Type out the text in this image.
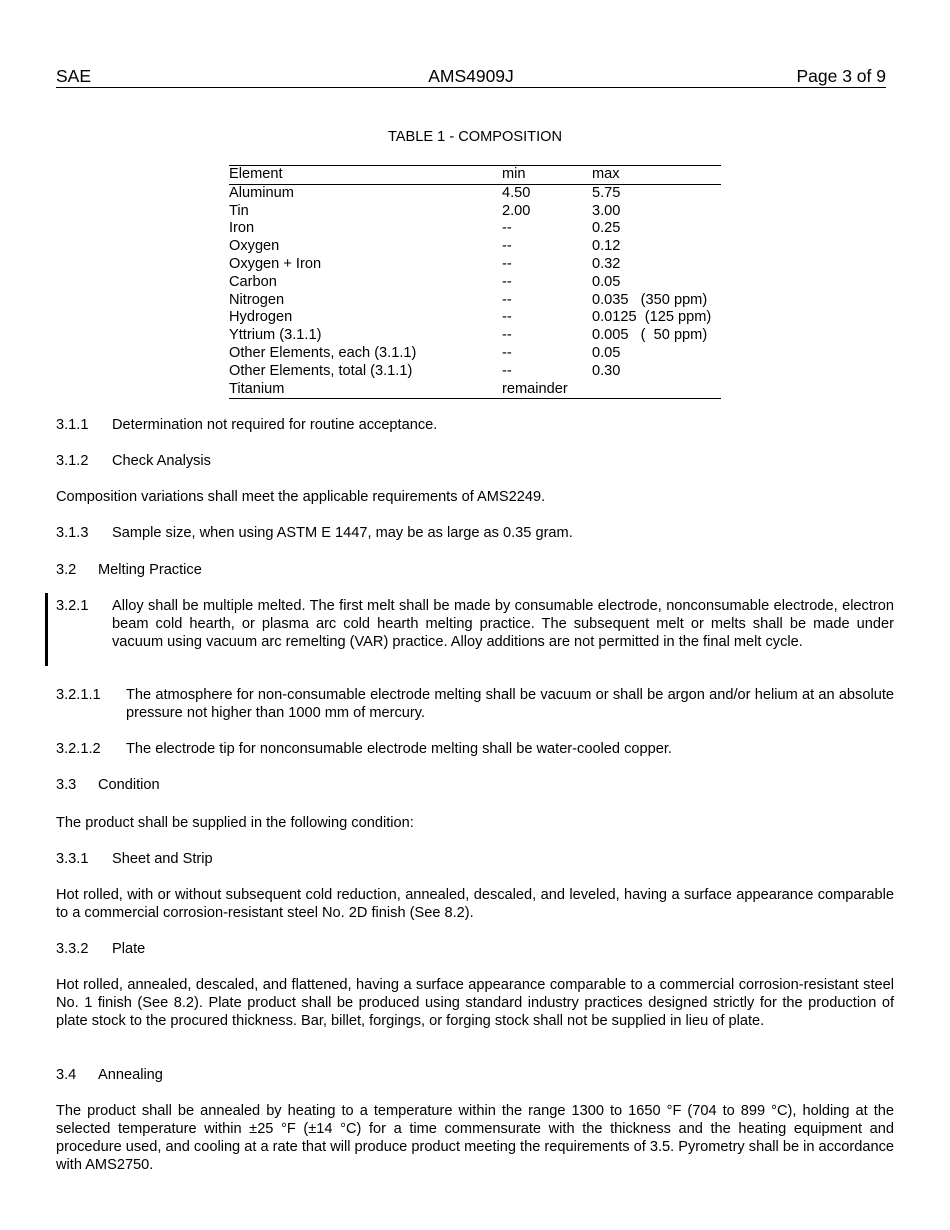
SAE	AMS4909J	Page 3 of 9
TABLE 1 - COMPOSITION
Element	min	max
Aluminum	4.50	5.75
Tin	2.00	3.00
Iron	--	0.25
Oxygen	--	0.12
Oxygen + Iron	--	0.32
Carbon	--	0.05
Nitrogen	--	0.035   (350 ppm)
Hydrogen	--	0.0125  (125 ppm)
Yttrium (3.1.1)	--	0.005   (  50 ppm)
Other Elements, each (3.1.1)	--	0.05
Other Elements, total (3.1.1)	--	0.30
Titanium	remainder	
3.1.1 Determination not required for routine acceptance.
3.1.2 Check Analysis
Composition variations shall meet the applicable requirements of AMS2249.
3.1.3 Sample size, when using ASTM E 1447, may be as large as 0.35 gram.
3.2 Melting Practice
3.2.1 Alloy shall be multiple melted. The first melt shall be made by consumable electrode, nonconsumable electrode, electron beam cold hearth, or plasma arc cold hearth melting practice. The subsequent melt or melts shall be made under vacuum using vacuum arc remelting (VAR) practice. Alloy additions are not permitted in the final melt cycle.
3.2.1.1 The atmosphere for non-consumable electrode melting shall be vacuum or shall be argon and/or helium at an absolute pressure not higher than 1000 mm of mercury.
3.2.1.2 The electrode tip for nonconsumable electrode melting shall be water-cooled copper.
3.3 Condition
The product shall be supplied in the following condition:
3.3.1 Sheet and Strip
Hot rolled, with or without subsequent cold reduction, annealed, descaled, and leveled, having a surface appearance comparable to a commercial corrosion-resistant steel No. 2D finish (See 8.2).
3.3.2 Plate
Hot rolled, annealed, descaled, and flattened, having a surface appearance comparable to a commercial corrosion-resistant steel No. 1 finish (See 8.2). Plate product shall be produced using standard industry practices designed strictly for the production of plate stock to the procured thickness. Bar, billet, forgings, or forging stock shall not be supplied in lieu of plate.
3.4 Annealing
The product shall be annealed by heating to a temperature within the range 1300 to 1650 °F (704 to 899 °C), holding at the selected temperature within ±25 °F (±14 °C) for a time commensurate with the thickness and the heating equipment and procedure used, and cooling at a rate that will produce product meeting the requirements of 3.5. Pyrometry shall be in accordance with AMS2750.
